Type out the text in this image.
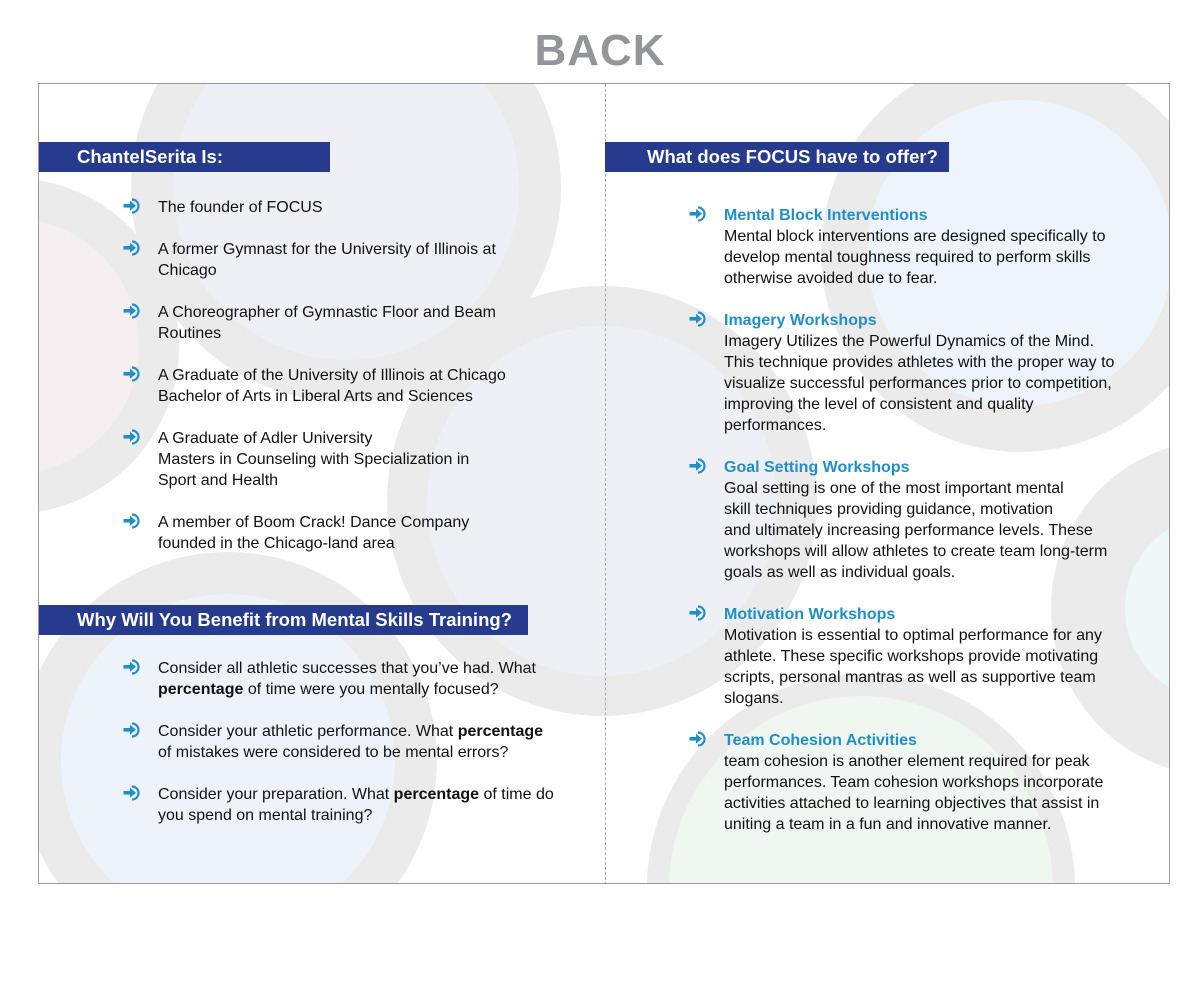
BACK
ChantelSerita Is:
The founder of FOCUS
A former Gymnast for the University of Illinois at
Chicago
A Choreographer of Gymnastic Floor and Beam
Routines
A Graduate of the University of Illinois at Chicago
Bachelor of Arts in Liberal Arts and Sciences
A Graduate of Adler University
Masters in Counseling with Specialization in
Sport and Health
A member of Boom Crack! Dance Company
founded in the Chicago-land area
Why Will You Benefit from Mental Skills Training?
Consider all athletic successes that you’ve had. What
percentage of time were you mentally focused?
Consider your athletic performance. What percentage
of mistakes were considered to be mental errors?
Consider your preparation. What percentage of time do
you spend on mental training?
What does FOCUS have to offer?
Mental Block Interventions
Mental block interventions are designed specifically to
develop mental toughness required to perform skills
otherwise avoided due to fear.
Imagery Workshops
Imagery Utilizes the Powerful Dynamics of the Mind.
This technique provides athletes with the proper way to
visualize successful performances prior to competition,
improving the level of consistent and quality
performances.
Goal Setting Workshops
Goal setting is one of the most important mental
skill techniques providing guidance, motivation
and ultimately increasing performance levels. These
workshops will allow athletes to create team long-term
goals as well as individual goals.
Motivation Workshops
Motivation is essential to optimal performance for any
athlete. These specific workshops provide motivating
scripts, personal mantras as well as supportive team
slogans.
Team Cohesion Activities
team cohesion is another element required for peak
performances. Team cohesion workshops incorporate
activities attached to learning objectives that assist in
uniting a team in a fun and innovative manner.
